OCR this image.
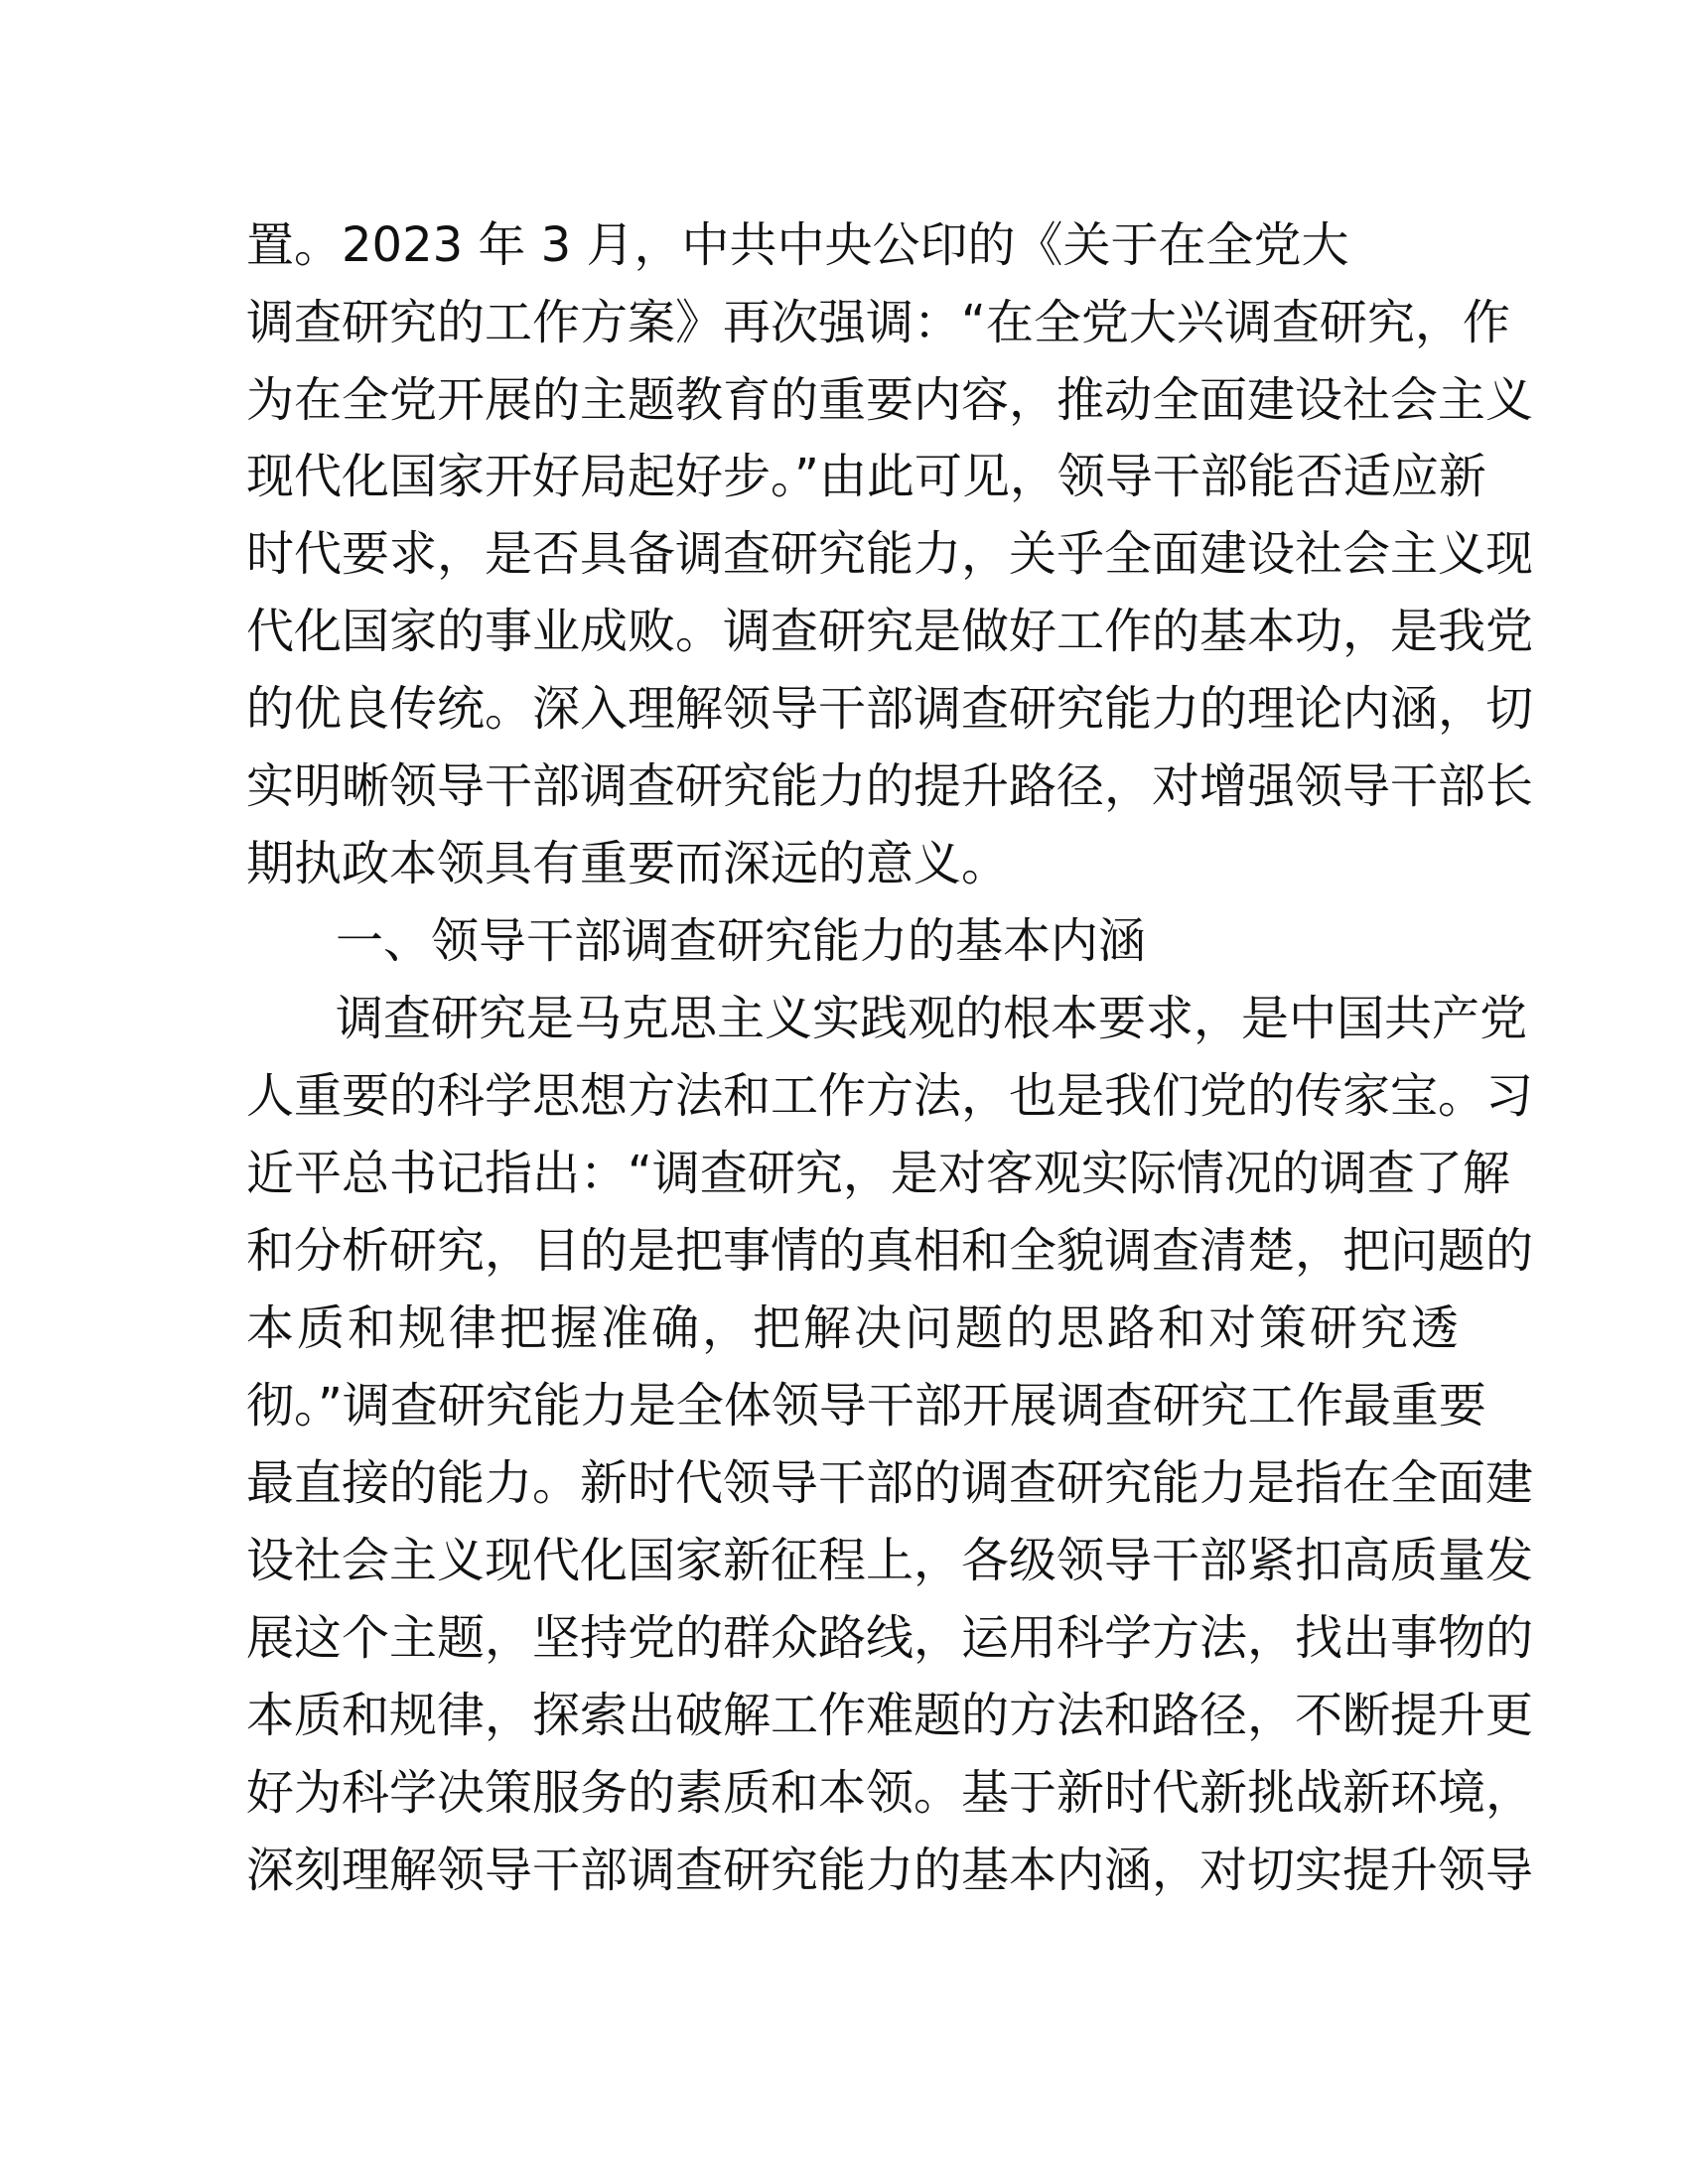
置。2023 年 3 月，中共中央公印的《关于在全党大
调查研究的工作方案》再次强调：“在全党大兴调查研究，作
为在全党开展的主题教育的重要内容，推动全面建设社会主义
现代化国家开好局起好步。”由此可见，领导干部能否适应新
时代要求，是否具备调查研究能力，关乎全面建设社会主义现
代化国家的事业成败。调查研究是做好工作的基本功，是我党
的优良传统。深入理解领导干部调查研究能力的理论内涵，切
实明晰领导干部调查研究能力的提升路径，对增强领导干部长
期执政本领具有重要而深远的意义。
一、领导干部调查研究能力的基本内涵
调查研究是马克思主义实践观的根本要求，是中国共产党
人重要的科学思想方法和工作方法，也是我们党的传家宝。习
近平总书记指出：“调查研究，是对客观实际情况的调查了解
和分析研究，目的是把事情的真相和全貌调查清楚，把问题的
本质和规律把握准确，把解决问题的思路和对策研究透
彻。”调查研究能力是全体领导干部开展调查研究工作最重要
最直接的能力。新时代领导干部的调查研究能力是指在全面建
设社会主义现代化国家新征程上，各级领导干部紧扣高质量发
展这个主题，坚持党的群众路线，运用科学方法，找出事物的
本质和规律，探索出破解工作难题的方法和路径，不断提升更
好为科学决策服务的素质和本领。基于新时代新挑战新环境，
深刻理解领导干部调查研究能力的基本内涵，对切实提升领导
